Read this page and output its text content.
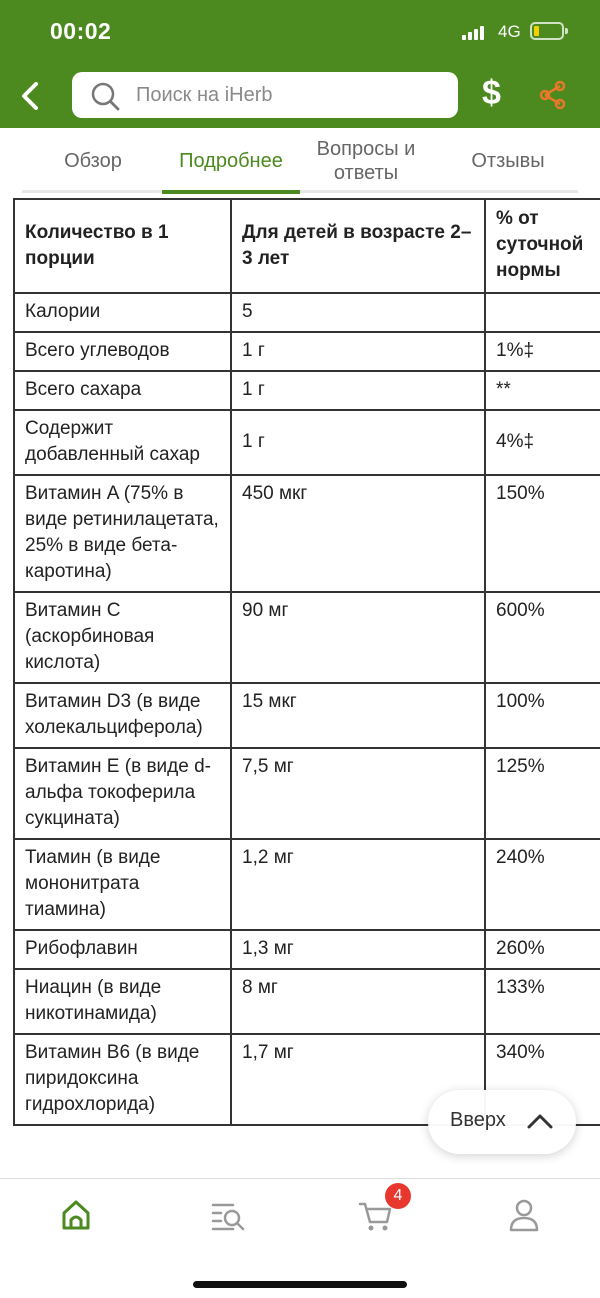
00:02	4G
Поиск на iHerb	$
Обзор	Подробнее
Вопросы и ответы
Отзывы
Количество в 1 порции	Для детей в возрасте 2–3 лет	% от суточной нормы
Калории	5	
Всего углеводов	1 г	1%‡
Всего сахара	1 г	**
Содержит добавленный сахар	1 г	4%‡
Витамин A (75% в виде ретинилацетата, 25% в виде бета-каротина)	450 мкг	150%
Витамин C (аскорбиновая кислота)	90 мг	600%
Витамин D3 (в виде холекальциферола)	15 мкг	100%
Витамин E (в виде d-альфа токоферила сукцината)	7,5 мг	125%
Тиамин (в виде мононитрата тиамина)	1,2 мг	240%
Рибофлавин	1,3 мг	260%
Ниацин (в виде никотинамида)	8 мг	133%
Витамин B6 (в виде пиридоксина гидрохлорида)	1,7 мг	340%
Вверх
4
